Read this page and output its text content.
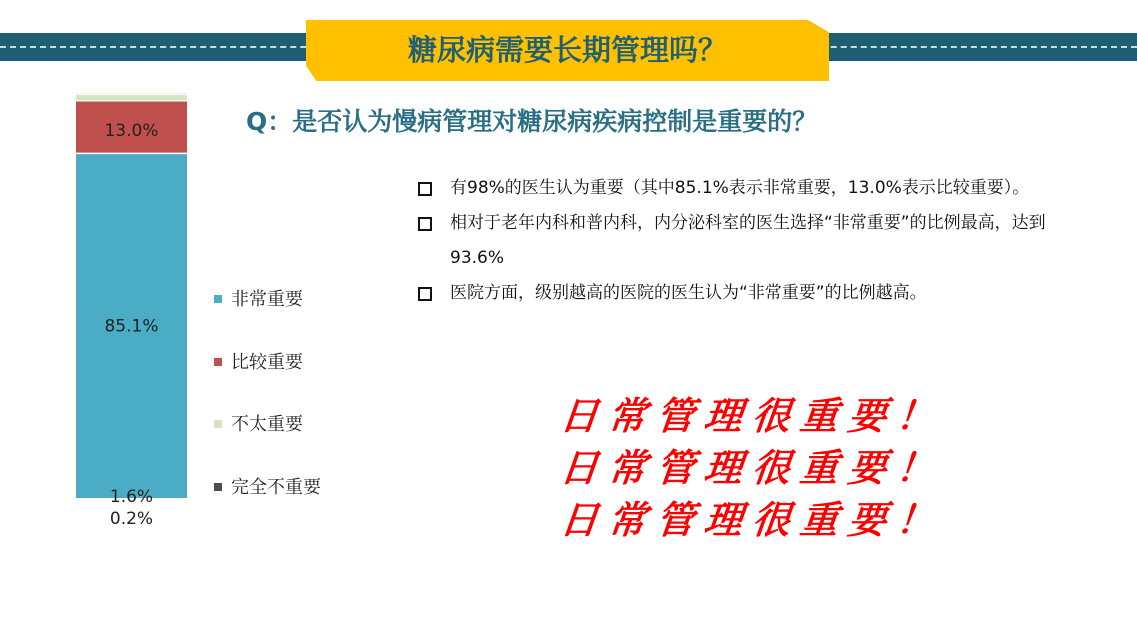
糖尿病需要长期管理吗？
Q：是否认为慢病管理对糖尿病疾病控制是重要的？
85.1%
13.0%
1.6%
0.2%
非常重要
比较重要
不太重要
完全不重要
有98%的医生认为重要（其中85.1%表示非常重要，13.0%表示比较重要）。
相对于老年内科和普内科，内分泌科室的医生选择“非常重要”的比例最高，达到93.6%
医院方面，级别越高的医院的医生认为“非常重要”的比例越高。
日常管理很重要！
日常管理很重要！
日常管理很重要！
